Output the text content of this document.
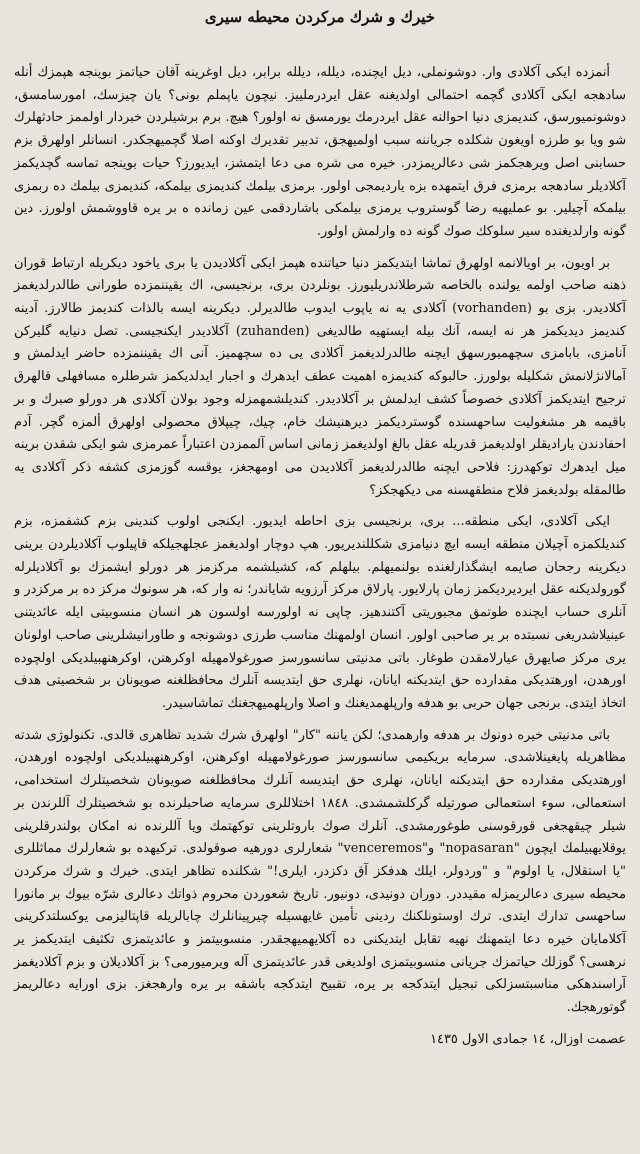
خیرك و شرك مركردن محیطه سیری

أنمزده ایكی آكلادی وار. دوشونملی، دیل ایچنده، دیلله، دیلله برابر، دیل اوغرینه آقان حیاتمز بوینجه هپمزك أنله سادهجه ایكی آكلادی گچمه احتمالی اولدیغنه عقل ایردرملییز. نیچون یاپملم بونی؟ یان چیزسك، امورسامسق، دوشونمیورسق، كندیمزی دنیا احوالنه عقل ایردرمك یورمسق نه اولور؟ هیچ. برم برشیلردن خبردار اولممز حادثهلرك شو ویا بو طرزه اویغون شكلده جریاننه سبب اولمیهجق، تدبیر تقدیرك اوكنه اصلا گچمیهجكدر. انسانلر اولهرق بزم حسابنی اصل ویرهجكمز شی دعالریمزدر. خیره می شره می دعا ایتمشز، ایدیورز؟ حیات بوینجه تماسه گچدیكمز آكلادیلر سادهجه برمزی فرق ایتمهده بزه یاردیمجی اولور. برمزی بیلمك كندیمزی بیلمكه، كندیمزی بیلمك ده ربمزی بیلمكه آچیلیر. بو عملیهیه رضا گوستروب یرمزی بیلمكی باشاردقمی عین زمانده ه بر یره قاووشمش اولورز. دین گونه وارلدیغنده سیر سلوكك صوك گونه ده وارلمش اولور.

بر اویون، بر اویالانمه اولهرق تماشا ایتدیكمز دنیا حیاتنده هپمز ایكی آكلادیدن یا بری یاخود دیكریله ارتباط قوران ذهنه صاحب اولمه یولنده بالخاصه شرطلاندریلیورز. بونلردن بری، برنجیسی، اك یقیننمزده طورانی طالدرلدیغمز آكلادیدر. بزی بو (vorhanden) آكلادی یه نه یاپوب ایدوب طالدیرلر. دیكرینه ایسه بالذات كندیمز طالارز. آدینه كندیمز دیدیكمز هر نه ایسه، آنك بیله ایستهیه طالدیغی (zuhanden) آكلادیدر ایكنجیسی. تصل دنیایه گلیركن آنامزی، بابامزی سچهمیورسهق ایچنه طالدرلدیغمز آكلادی یی ده سچهمیز. آنی اك یقیننمزده حاضر ایدلمش و آمالانژلانمش شكلیله بولورز. حالبوكه كندیمزه اهمیت عطف ایدهرك و اجبار ایدلدیكمز شرطلره مسافهلی قالهرق ترجیح ایتدیكمز آكلادی خصوصاً كشف ایدلمش بر آكلادیدر. كندیلشمهمزله وجود بولان آكلادی هر دورلو صبرك و بر باقیمه هر مشغولیت ساحهسنده گوستردیكمز دیرهنیشك خام، چیك، چیپلاق محصولی اولهرق ألمزه گچر. آدم احفادندن یارادیقلر اولدیغمز قدریله عقل بالغ اولدیغمز زمانی اساس آلممزدن اعتباراً عمرمزی شو ایكی شقدن برینه میل ایدهرك توكهدرز: فلاحی ایچنه طالدرلدیغمز آكلادیدن می اومهجغز، یوقسه گوزمزی كشفه ذكر آكلادی یه طالمقله بولدیغمز فلاح منطقهسنه می دیكهجكز؟

ایكی آكلادی، ایكی منطقه... بری، برنجیسی بزی احاطه ایدیور. ایكنجی اولوب كندینی بزم كشفمزه، بزم كندیلكمزه آچیلان منطقه ایسه ایچ دنیامزی شكللندیریور. هپ دوچار اولدیغمز عجلهجیلكه قاپیلوب آكلادیلردن برینی دیكرینه رجحان صایمه ایشگذارلغنده بولنمیهلم. بیلهلم كه، كشیلشمه مركزمز هر دورلو ایشمزك بو آكلادیلرله گورولدیكنه عقل ایردیردیكمز زمان پارلایور. پارلاق مركز آرزویه شایاندر؛ نه وار كه، هر سونوك مركز ده بر مركزدر و آنلری حساب ایچنده طوتمق مجبوریتی آكتندهیز. چاپی نه اولورسه اولسون هر انسان منسوبیتی ایله عائدیتنی عینیلاشدریغی نسبتده بر یر صاحبی اولور. انسان اولمهنك مناسب طرزی دوشونجه و طاورانیشلرینی صاحب اولونان یری مركز صایهرق عیارلامقدن طوغار. باتی مدنیتی سانسورسز صورغولامهیله اوكرهنن، اوكرهنهبیلدیكی اولچوده اورهدن، اورهتدیكی مقدارده حق ایتدیكنه ایانان، نهلری حق ایتدیسه آنلرك محافظلغنه صویونان بر شخصیتی هدف اتخاذ ایتدی. برنجی جهان حربی بو هدفه وارپلهمدیغنك و اصلا وارپلهمیهجغنك تماشاسیدر.

باتی مدنیتی خیره دونوك بر هدفه وارهمدی؛ لكن یاننه "كار" اولهرق شرك شدید تظاهری قالدی. تكنولوژی شدته مظاهریله پایغینلاشدی. سرمایه بریكیمی سانسورسز صورغولامهیله اوكرهنن، اوكرهنهبیلدیكی اولچوده اورهدن، اورهتدیكی مقدارده حق ایتدیكنه ایانان، نهلری حق ایتدیسه آنلرك محافظلغنه صویونان شخصیتلرك استخدامی، استعمالی، سوء استعمالی صورتیله گركلشمشدی. ۱۸٤۸ اختلاللری سرمایه صاحبلرنده بو شخصیتلرك آللرندن بر شیلر چیقهجغی قورقوسنی طوغورمشدی. آنلرك صوك باروتلرینی توكهتمك ویا آللرنده نه امكان بولندرقلرینی یوقلایهبیلمك ایچون "nopasaran" و"venceremos" شعارلری دورهیه صوقولدی. تركیهده بو شعارلرك مماثللری "یا استقلال، یا اولوم" و "وردولر، ایلك هدفكز آق دكزدر، ایلری!" شكلنده تظاهر ایتدی. خیرك و شرك مركردن محیطه سیری دعالریمزله مقیددر. دوران دونیدی، دونیور. تاریخ شعوردن محروم ذواتك دعالری شرّه بیوك بر مانورا ساحهسی تدارك ایتدی. ترك اوستونلكنك ردینی تأمین غایهسیله چیرپینانلرك چابالریله قاپتالیزمی یوكسلتدكرینی آكلامایان خیره دعا ایتمهنك نهیه تقابل ایتدیكنی ده آكلایهمیهجقدر. منسوبیتمز و عائدیتمزی تكثیف ایتدیكمز یر نرهسی؟ گوزلك حیاتمزك جریانی منسوبیتمزی اولدیغی قدر عائدیتمزی آله ویرمیورمی؟ بز آكلادیلان و بزم آكلادیغمز آراسندهكی مناسبتسزلكی تبجیل ایتدكجه بر یره، تقبیح ایتدكجه باشقه بر یره وارهجغز. بزی اورایه دعالریمز گوتورهجك.

عصمت اوزال، ١٤ جمادى الاول ١٤٣٥
